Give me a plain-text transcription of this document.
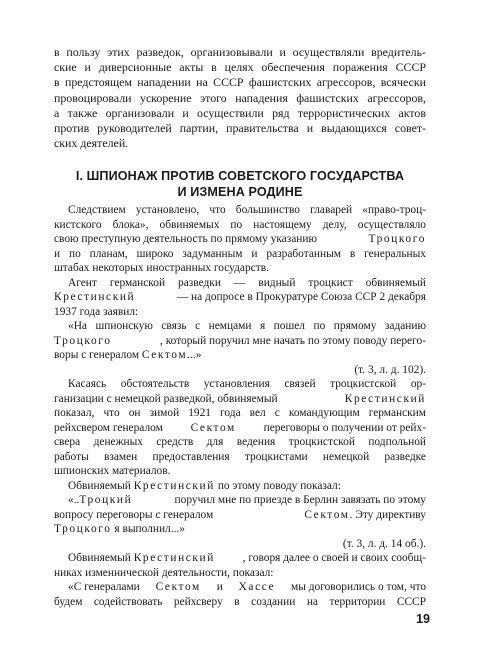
в пользу этих разведок, организовывали и осуществляли вредитель-
ские и диверсионные акты в целях обеспечения поражения СССР
в предстоящем нападении на СССР фашистских агрессоров, всячески
провоцировали ускорение этого нападения фашистских агрессоров,
а также организовали и осуществили ряд террористических актов
против руководителей партии, правительства и выдающихся совет-
ских деятелей.
I. ШПИОНАЖ ПРОТИВ СОВЕТСКОГО ГОСУДАРСТВА
И ИЗМЕНА РОДИНЕ
Следствием установлено, что большинство главарей «право-троц-
кистского блока», обвиняемых по настоящему делу, осуществляло
свою преступную деятельность по прямому указанию	Троцкого
и по планам, широко задуманным и разработанным в генеральных
штабах некоторых иностранных государств.
Агент германской разведки — видный троцкист обвиняемый
Крестинский	— на допросе в Прокуратуре Союза ССР 2 декабря
1937 года заявил:
«На шпионскую связь с немцами я пошел по прямому заданию
Троцкого	, который поручил мне начать по этому поводу перего-
воры с генералом Сектом...»
(т. 3, л. д. 102).
Касаясь обстоятельств установления связей троцкистской ор-
ганизации с немецкой разведкой, обвиняемый	Крестинский
показал, что он зимой 1921 года вел с командующим германским
рейхсвером генералом Сектом переговоры о получении от рейх-
свера денежных средств для ведения троцкистской подпольной
работы взамен предоставления троцкистами немецкой разведке
шпионских материалов.
Обвиняемый Крестинский по этому поводу показал:
«..Троцкий	поручил мне по приезде в Берлин завязать по этому
вопросу переговоры с генералом	Сектом. Эту директиву
Троцкого я выполнил...»
(т. 3, л. д. 14 об.).
Обвиняемый Крестинский , говоря далее о своей и своих сообщ-
никах изменнической деятельности, показал:
«С генералами Сектом и Хассе мы договорились о том, что
будем содействовать рейхсверу в создании на территории СССР
19
